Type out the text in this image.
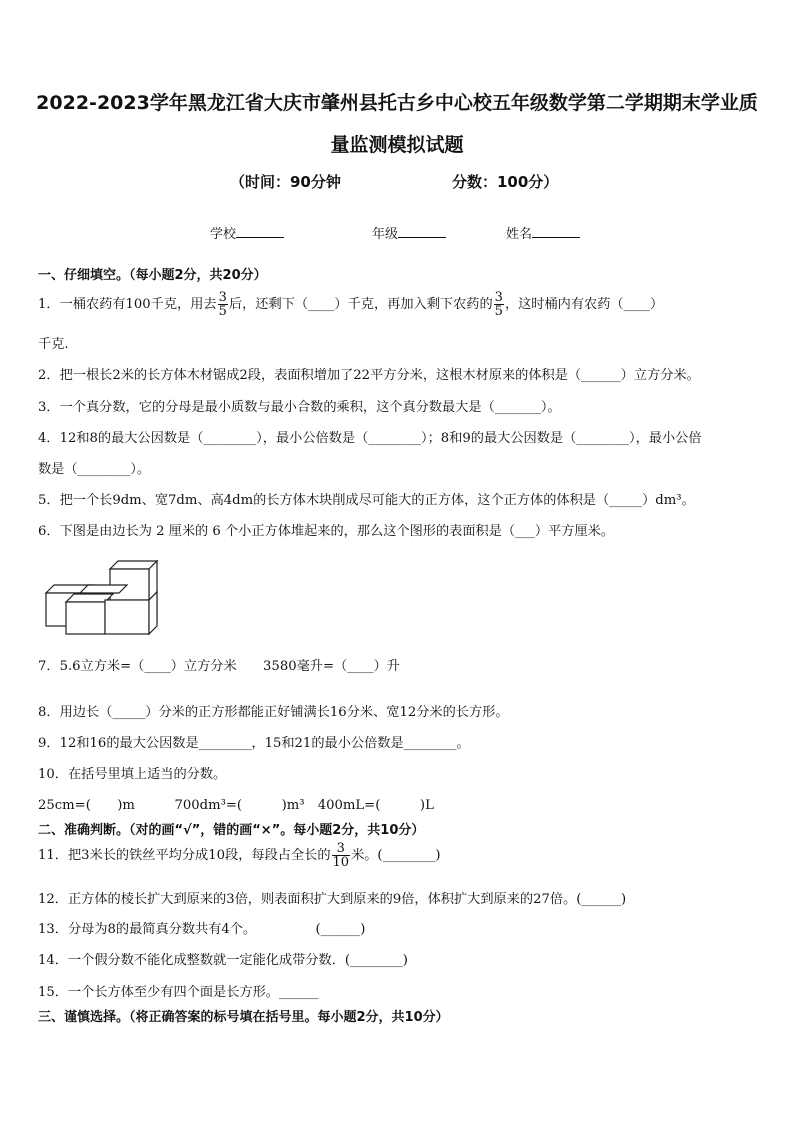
2022-2023学年黑龙江省大庆市肇州县托古乡中心校五年级数学第二学期期末学业质
量监测模拟试题
（时间：90分钟	分数：100分）
学校	年级	姓名
一、仔细填空。（每小题2分，共20分）
1．一桶农药有100千克，用去 $\frac{3}{5}$ 后，还剩下（____）千克，再加入剩下农药的 $\frac{3}{5}$ ，这时桶内有农药（____）
千克.
2．把一根长2米的长方体木材锯成2段，表面积增加了22平方分米，这根木材原来的体积是（______）立方分米。
3．一个真分数，它的分母是最小质数与最小合数的乘积，这个真分数最大是（_______）。
4．12和8的最大公因数是（________），最小公倍数是（________）；8和9的最大公因数是（________），最小公倍
数是（________）。
5．把一个长9dm、宽7dm、高4dm的长方体木块削成尽可能大的正方体，这个正方体的体积是（_____）dm³。
6．下图是由边长为 2 厘米的 6 个小正方体堆起来的，那么这个图形的表面积是（___）平方厘米。
7．5.6立方米=（____）立方分米　　3580毫升=（____）升
8．用边长（_____）分米的正方形都能正好铺满长16分米、宽12分米的长方形。
9．12和16的最大公因数是________，15和21的最小公倍数是________。
10．在括号里填上适当的分数。
25cm=(　　)m　　　700dm³=(　　　)m³　400mL=(　　　)L
二、准确判断。（对的画“√”，错的画“×”。每小题2分，共10分）
11．把3米长的铁丝平均分成10段，每段占全长的 $\frac{3}{10}$ 米。(________)
12．正方体的棱长扩大到原来的3倍，则表面积扩大到原来的9倍，体积扩大到原来的27倍。(______)
13．分母为8的最简真分数共有4个。　　　　　(______)
14．一个假分数不能化成整数就一定能化成带分数．(________)
15．一个长方体至少有四个面是长方形。______
三、谨慎选择。（将正确答案的标号填在括号里。每小题2分，共10分）
